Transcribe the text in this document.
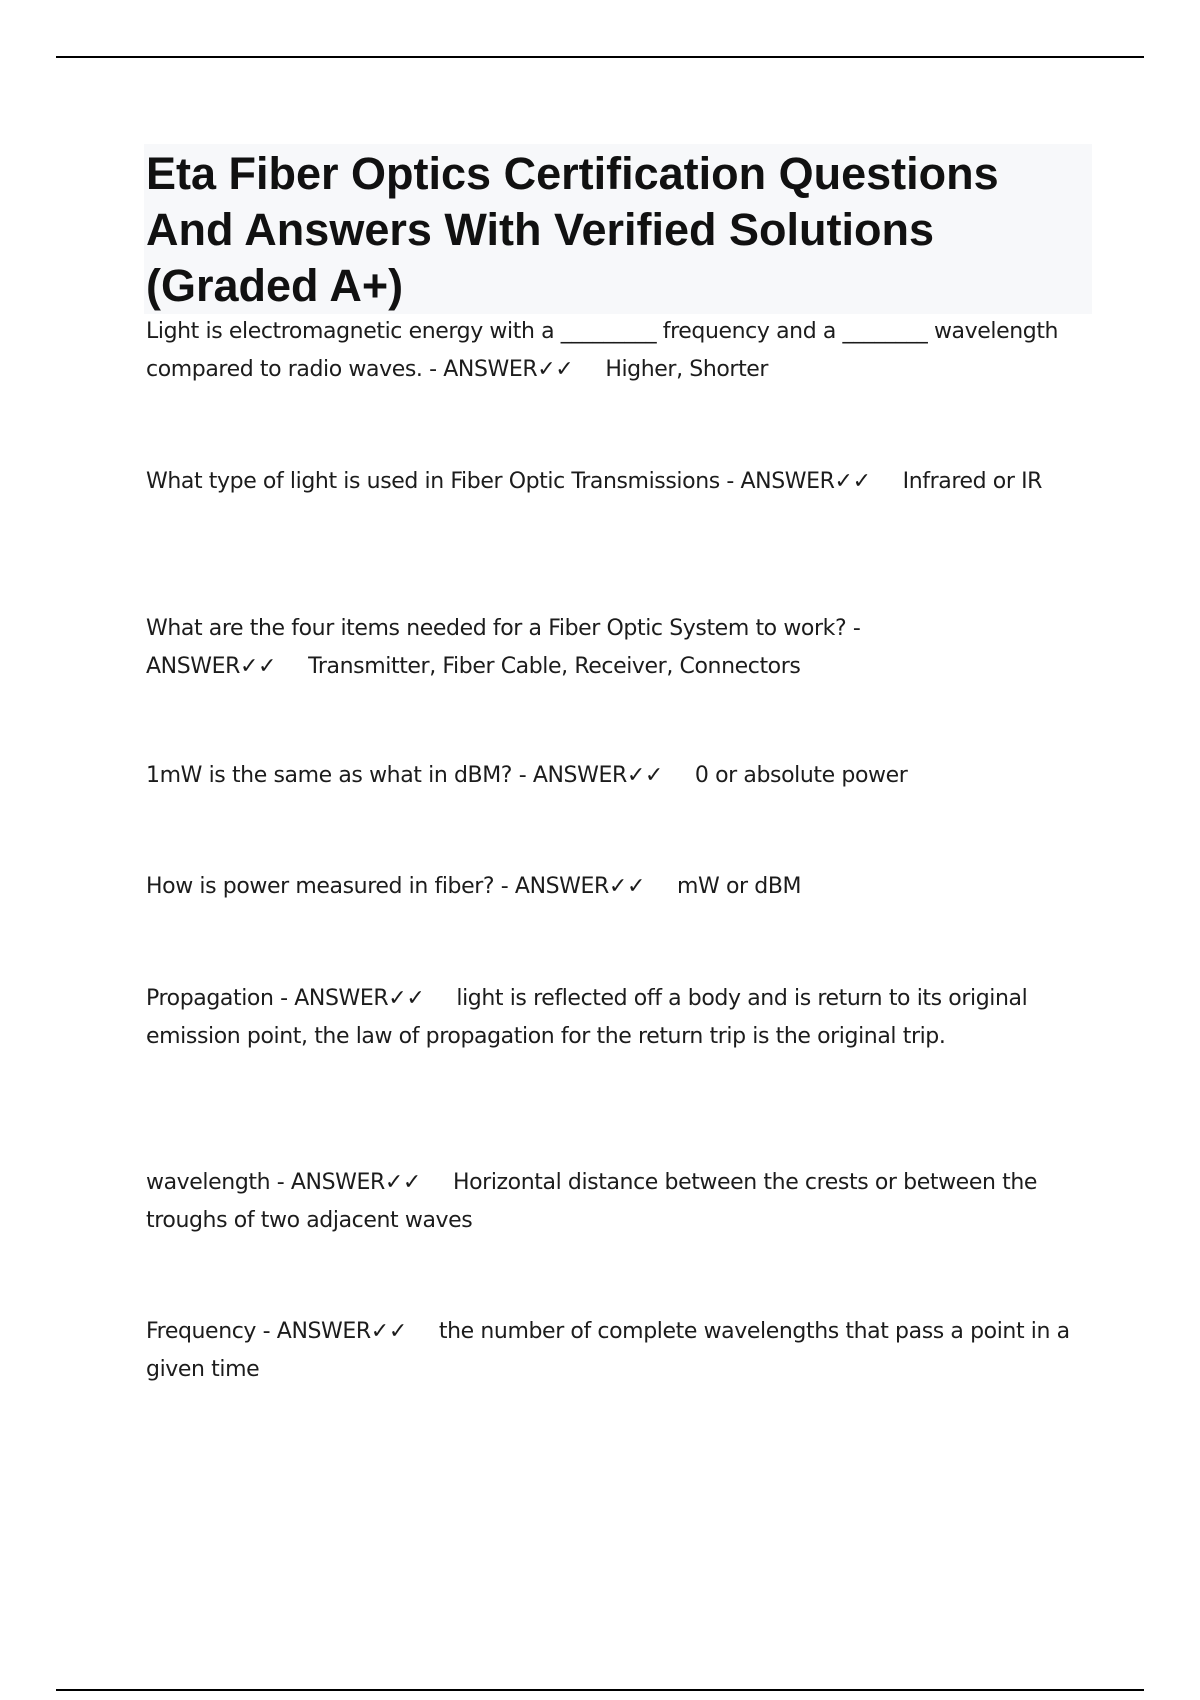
Eta Fiber Optics Certification Questions And Answers With Verified Solutions (Graded A+)

Light is electromagnetic energy with a _________ frequency and a ________ wavelength compared to radio waves. - ANSWER✓✓ Higher, Shorter

What type of light is used in Fiber Optic Transmissions - ANSWER✓✓ Infrared or IR

What are the four items needed for a Fiber Optic System to work? - ANSWER✓✓ Transmitter, Fiber Cable, Receiver, Connectors

1mW is the same as what in dBM? - ANSWER✓✓ 0 or absolute power

How is power measured in fiber? - ANSWER✓✓ mW or dBM

Propagation - ANSWER✓✓ light is reflected off a body and is return to its original emission point, the law of propagation for the return trip is the original trip.

wavelength - ANSWER✓✓ Horizontal distance between the crests or between the troughs of two adjacent waves

Frequency - ANSWER✓✓ the number of complete wavelengths that pass a point in a given time
